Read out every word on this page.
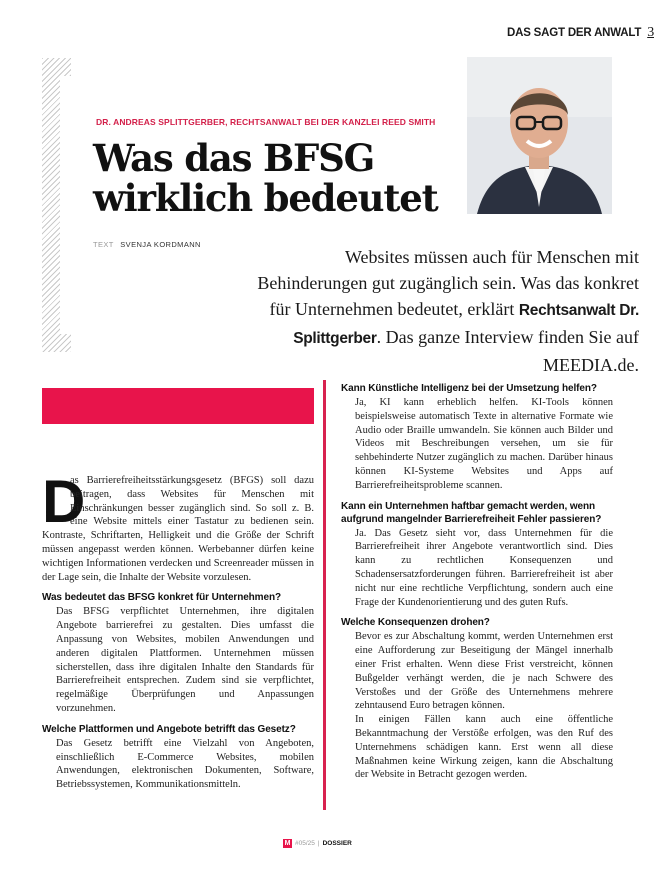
DAS SAGT DER ANWALT 3
DR. ANDREAS SPLITTGERBER, RECHTSANWALT BEI DER KANZLEI REED SMITH
Was das BFSG
wirklich bedeutet
TEXT SVENJA KORDMANN
Websites müssen auch für Menschen mit Behinderungen gut zugänglich sein. Was das konkret für Unternehmen bedeutet, erklärt Rechtsanwalt Dr. Splittgerber. Das ganze Interview finden Sie auf MEEDIA.de.

D
as Barrierefreiheitsstärkungsgesetz (BFGS) soll dazu beitragen, dass Websites für Menschen mit Einschränkungen besser zugänglich sind. So soll z. B. eine Website mittels einer Tastatur zu bedienen sein. Kontraste, Schriftarten, Helligkeit und die Größe der Schrift müssen angepasst werden können. Werbebanner dürfen keine wichtigen Informationen verdecken und Screenreader müssen in der Lage sein, die Inhalte der Website vorzulesen.

Was bedeutet das BFSG konkret für Unternehmen?

Das BFSG verpflichtet Unternehmen, ihre digitalen Angebote barrierefrei zu gestalten. Dies umfasst die Anpassung von Websites, mobilen Anwendungen und anderen digitalen Plattformen. Unternehmen müssen sicherstellen, dass ihre digitalen Inhalte den Standards für Barrierefreiheit entsprechen. Zudem sind sie verpflichtet, regelmäßige Überprüfungen und Anpassungen vorzunehmen.

Welche Plattformen und Angebote betrifft das Gesetz?

Das Gesetz betrifft eine Vielzahl von Angeboten, einschließlich E-Commerce Websites, mobilen Anwendungen, elektronischen Dokumenten, Software, Betriebssystemen, Kommunikationsmitteln.

Kann Künstliche Intelligenz bei der Umsetzung helfen?

Ja, KI kann erheblich helfen. KI-Tools können beispielsweise automatisch Texte in alternative Formate wie Audio oder Braille umwandeln. Sie können auch Bilder und Videos mit Beschreibungen versehen, um sie für sehbehinderte Nutzer zugänglich zu machen. Darüber hinaus können KI-Systeme Websites und Apps auf Barrierefreiheitsprobleme scannen.

Kann ein Unternehmen haftbar gemacht werden, wenn aufgrund mangelnder Barrierefreiheit Fehler passieren?

Ja. Das Gesetz sieht vor, dass Unternehmen für die Barrierefreiheit ihrer Angebote verantwortlich sind. Dies kann zu rechtlichen Konsequenzen und Schadensersatzforderungen führen. Barrierefreiheit ist aber nicht nur eine rechtliche Verpflichtung, sondern auch eine Frage der Kundenorientierung und des guten Rufs.

Welche Konsequenzen drohen?

Bevor es zur Abschaltung kommt, werden Unternehmen erst eine Aufforderung zur Beseitigung der Mängel innerhalb einer Frist erhalten. Wenn diese Frist verstreicht, können Bußgelder verhängt werden, die je nach Schwere des Verstoßes und der Größe des Unternehmens mehrere zehntausend Euro betragen können.

In einigen Fällen kann auch eine öffentliche Bekanntmachung der Verstöße erfolgen, was den Ruf des Unternehmens schädigen kann. Erst wenn all diese Maßnahmen keine Wirkung zeigen, kann die Abschaltung der Website in Betracht gezogen werden.

M #05/25 | DOSSIER
